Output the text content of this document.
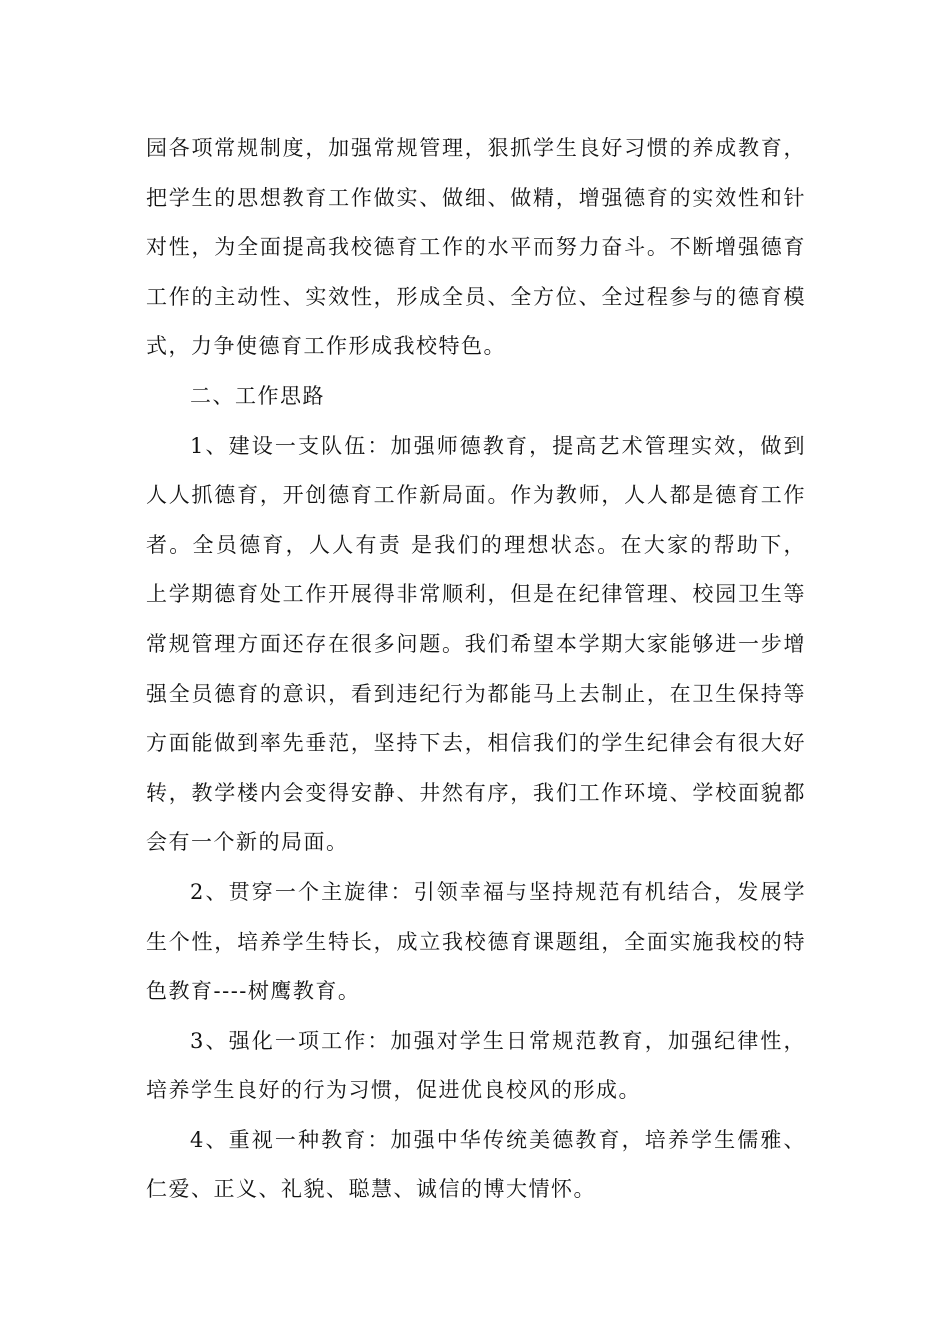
园各项常规制度，加强常规管理，狠抓学生良好习惯的养成教育，把学生的思想教育工作做实、做细、做精，增强德育的实效性和针对性，为全面提高我校德育工作的水平而努力奋斗。不断增强德育工作的主动性、实效性，形成全员、全方位、全过程参与的德育模式，力争使德育工作形成我校特色。

二、工作思路

1、建设一支队伍：加强师德教育，提高艺术管理实效，做到人人抓德育，开创德育工作新局面。作为教师，人人都是德育工作者。全员德育，人人有责 是我们的理想状态。在大家的帮助下，上学期德育处工作开展得非常顺利，但是在纪律管理、校园卫生等常规管理方面还存在很多问题。我们希望本学期大家能够进一步增强全员德育的意识，看到违纪行为都能马上去制止，在卫生保持等方面能做到率先垂范，坚持下去，相信我们的学生纪律会有很大好转，教学楼内会变得安静、井然有序，我们工作环境、学校面貌都会有一个新的局面。

2、贯穿一个主旋律：引领幸福与坚持规范有机结合，发展学生个性，培养学生特长，成立我校德育课题组，全面实施我校的特色教育----树鹰教育。

3、强化一项工作：加强对学生日常规范教育，加强纪律性，培养学生良好的行为习惯，促进优良校风的形成。

4、重视一种教育：加强中华传统美德教育，培养学生儒雅、仁爱、正义、礼貌、聪慧、诚信的博大情怀。
